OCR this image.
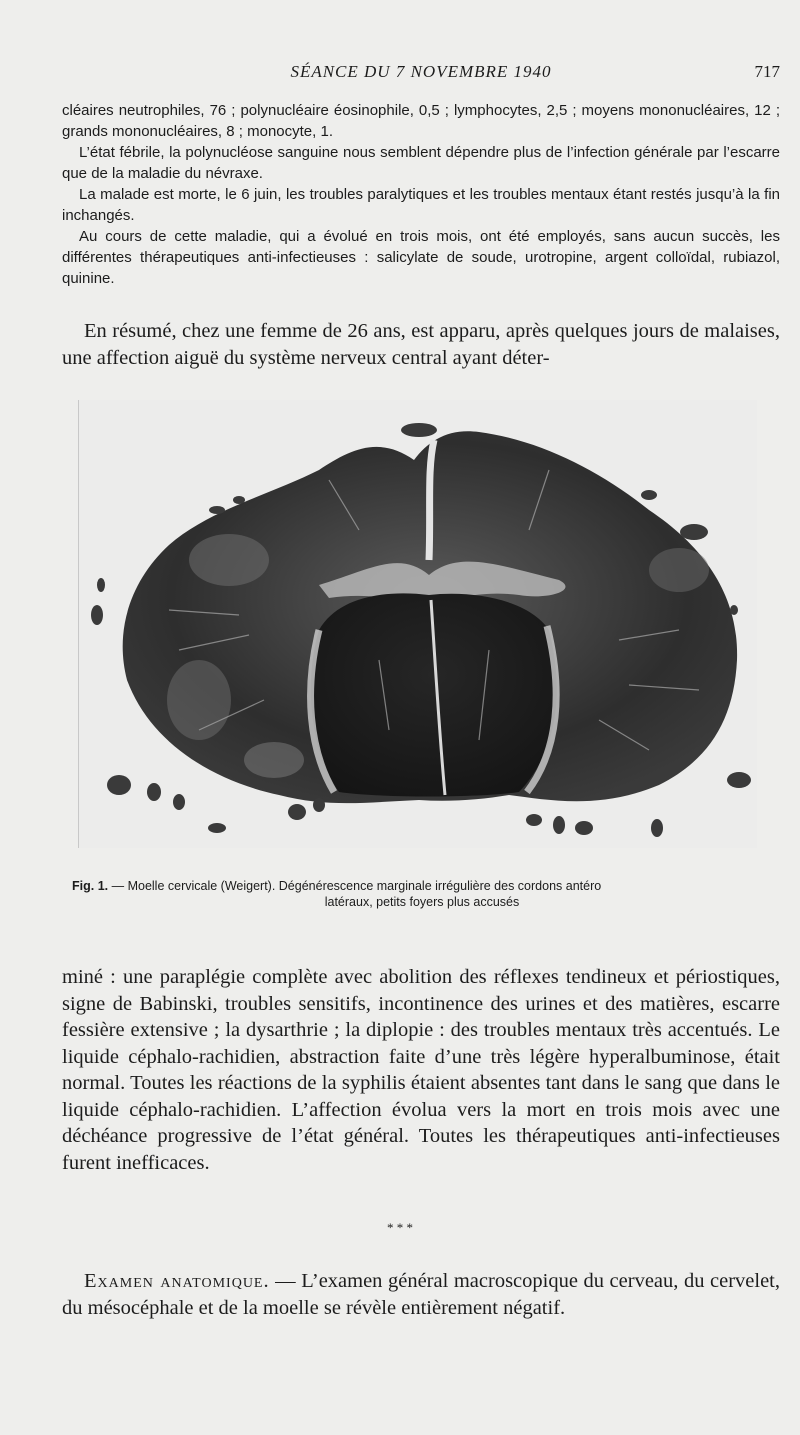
SÉANCE DU 7 NOVEMBRE 1940	717

cléaires neutrophiles, 76 ; polynucléaire éosinophile, 0,5 ; lymphocytes, 2,5 ; moyens mononucléaires, 12 ; grands mononucléaires, 8 ; monocyte, 1.

L’état fébrile, la polynucléose sanguine nous semblent dépendre plus de l’infection générale par l’escarre que de la maladie du névraxe.

La malade est morte, le 6 juin, les troubles paralytiques et les troubles mentaux étant restés jusqu’à la fin inchangés.

Au cours de cette maladie, qui a évolué en trois mois, ont été employés, sans aucun succès, les différentes thérapeutiques anti-infectieuses : salicylate de soude, urotropine, argent colloïdal, rubiazol, quinine.

En résumé, chez une femme de 26 ans, est apparu, après quelques jours de malaises, une affection aiguë du système nerveux central ayant déter-

Fig. 1. — Moelle cervicale (Weigert). Dégénérescence marginale irrégulière des cordons antéro
latéraux, petits foyers plus accusés

miné : une paraplégie complète avec abolition des réflexes tendineux et périostiques, signe de Babinski, troubles sensitifs, incontinence des urines et des matières, escarre fessière extensive ; la dysarthrie ; la diplopie : des troubles mentaux très accentués. Le liquide céphalo-rachidien, abstraction faite d’une très légère hyperalbuminose, était normal. Toutes les réactions de la syphilis étaient absentes tant dans le sang que dans le liquide céphalo-rachidien. L’affection évolua vers la mort en trois mois avec une déchéance progressive de l’état général. Toutes les thérapeutiques anti-infectieuses furent inefficaces.

* * *

Examen anatomique. — L’examen général macroscopique du cerveau, du cervelet, du mésocéphale et de la moelle se révèle entièrement négatif.
